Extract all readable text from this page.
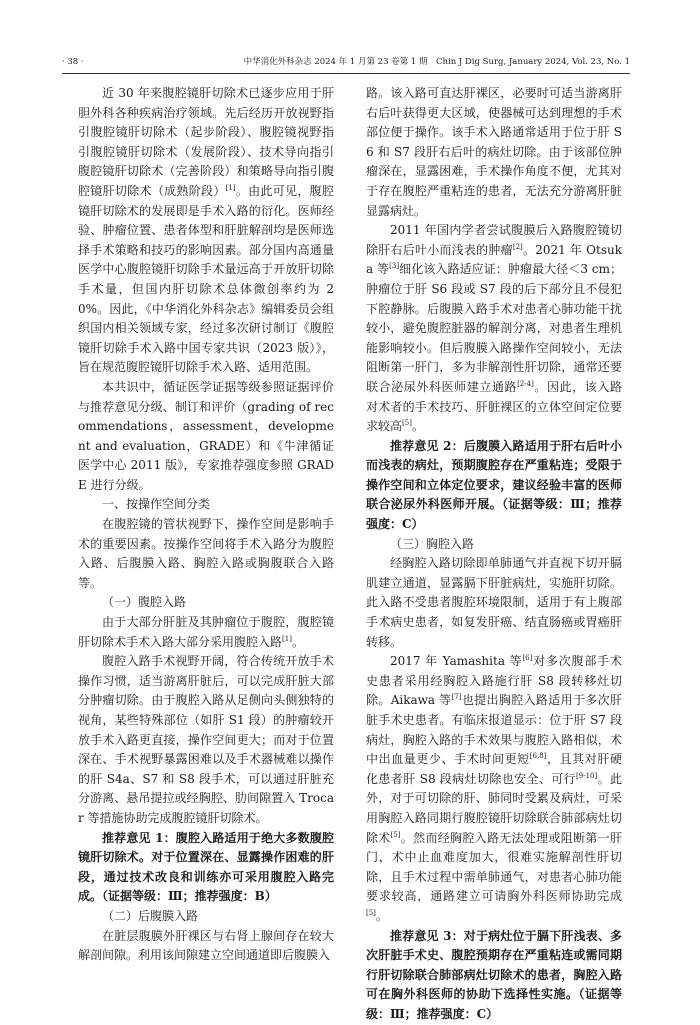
· 38 ·	中华消化外科杂志 2024 年 1 月第 23 卷第 1 期　Chin J Dig Surg, January 2024, Vol. 23, No. 1

近 30 年来腹腔镜肝切除术已逐步应用于肝胆外科各种疾病治疗领域。先后经历开放视野指引腹腔镜肝切除术（起步阶段）、腹腔镜视野指引腹腔镜肝切除术（发展阶段）、技术导向指引腹腔镜肝切除术（完善阶段）和策略导向指引腹腔镜肝切除术（成熟阶段）[1]。由此可见，腹腔镜肝切除术的发展即是手术入路的衍化。医师经验、肿瘤位置、患者体型和肝脏解剖均是医师选择手术策略和技巧的影响因素。部分国内高通量医学中心腹腔镜肝切除手术量远高于开放肝切除手术量，但国内肝切除术总体微创率约为 20%。因此，《中华消化外科杂志》编辑委员会组织国内相关领域专家，经过多次研讨制订《腹腔镜肝切除手术入路中国专家共识（2023 版）》，旨在规范腹腔镜肝切除手术入路、适用范围。

本共识中，循证医学证据等级参照证据评价与推荐意见分级、制订和评价（grading of recommendations，assessment，development and evaluation，GRADE）和《牛津循证医学中心 2011 版》，专家推荐强度参照 GRADE 进行分级。

一、按操作空间分类

在腹腔镜的管状视野下，操作空间是影响手术的重要因素。按操作空间将手术入路分为腹腔入路、后腹膜入路、胸腔入路或胸腹联合入路等。

（一）腹腔入路

由于大部分肝脏及其肿瘤位于腹腔，腹腔镜肝切除术手术入路大部分采用腹腔入路[1]。

腹腔入路手术视野开阔，符合传统开放手术操作习惯，适当游离肝脏后，可以完成肝脏大部分肿瘤切除。由于腹腔入路从足侧向头侧独特的视角，某些特殊部位（如肝 S1 段）的肿瘤较开放手术入路更直接，操作空间更大；而对于位置深在、手术视野暴露困难以及手术器械难以操作的肝 S4a、S7 和 S8 段手术，可以通过肝脏充分游离、悬吊提拉或经胸腔、肋间隙置入 Trocar 等措施协助完成腹腔镜肝切除术。

推荐意见 1：腹腔入路适用于绝大多数腹腔镜肝切除术。对于位置深在、显露操作困难的肝段，通过技术改良和训练亦可采用腹腔入路完成。（证据等级：Ⅲ；推荐强度：B）

（二）后腹膜入路

在脏层腹膜外肝裸区与右肾上腺间存在较大解剖间隙。利用该间隙建立空间通道即后腹膜入

路。该入路可直达肝裸区，必要时可适当游离肝右后叶获得更大区域，使器械可达到理想的手术部位便于操作。该手术入路通常适用于位于肝 S6 和 S7 段肝右后叶的病灶切除。由于该部位肿瘤深在，显露困难，手术操作角度不便，尤其对于存在腹腔严重粘连的患者，无法充分游离肝脏显露病灶。

2011 年国内学者尝试腹膜后入路腹腔镜切除肝右后叶小而浅表的肿瘤[2]。2021 年 Otsuka 等[3]细化该入路适应证：肿瘤最大径＜3 cm；肿瘤位于肝 S6 段或 S7 段的后下部分且不侵犯下腔静脉。后腹膜入路手术对患者心肺功能干扰较小，避免腹腔脏器的解剖分离，对患者生理机能影响较小。但后腹膜入路操作空间较小，无法阻断第一肝门，多为非解剖性肝切除，通常还要联合泌尿外科医师建立通路[2-4]。因此，该入路对术者的手术技巧、肝脏裸区的立体空间定位要求较高[5]。

推荐意见 2：后腹膜入路适用于肝右后叶小而浅表的病灶，预期腹腔存在严重粘连；受限于操作空间和立体定位要求，建议经验丰富的医师联合泌尿外科医师开展。（证据等级：Ⅲ；推荐强度：C）

（三）胸腔入路

经胸腔入路切除即单肺通气并直视下切开膈肌建立通道，显露膈下肝脏病灶，实施肝切除。此入路不受患者腹腔环境限制，适用于有上腹部手术病史患者，如复发肝癌、结直肠癌或胃癌肝转移。

2017 年 Yamashita 等[6]对多次腹部手术史患者采用经胸腔入路施行肝 S8 段转移灶切除。Aikawa 等[7]也提出胸腔入路适用于多次肝脏手术史患者。有临床报道显示：位于肝 S7 段病灶，胸腔入路的手术效果与腹腔入路相似，术中出血量更少、手术时间更短[6,8]，且其对肝硬化患者肝 S8 段病灶切除也安全、可行[9-10]。此外，对于可切除的肝、肺同时受累及病灶，可采用胸腔入路同期行腹腔镜肝切除联合肺部病灶切除术[5]。然而经胸腔入路无法处理或阻断第一肝门，术中止血难度加大，很难实施解剖性肝切除，且手术过程中需单肺通气，对患者心肺功能要求较高，通路建立可请胸外科医师协助完成[5]。

推荐意见 3：对于病灶位于膈下肝浅表、多次肝脏手术史、腹腔预期存在严重粘连或需同期行肝切除联合肺部病灶切除术的患者，胸腔入路可在胸外科医师的协助下选择性实施。（证据等级：Ⅲ；推荐强度：C）
